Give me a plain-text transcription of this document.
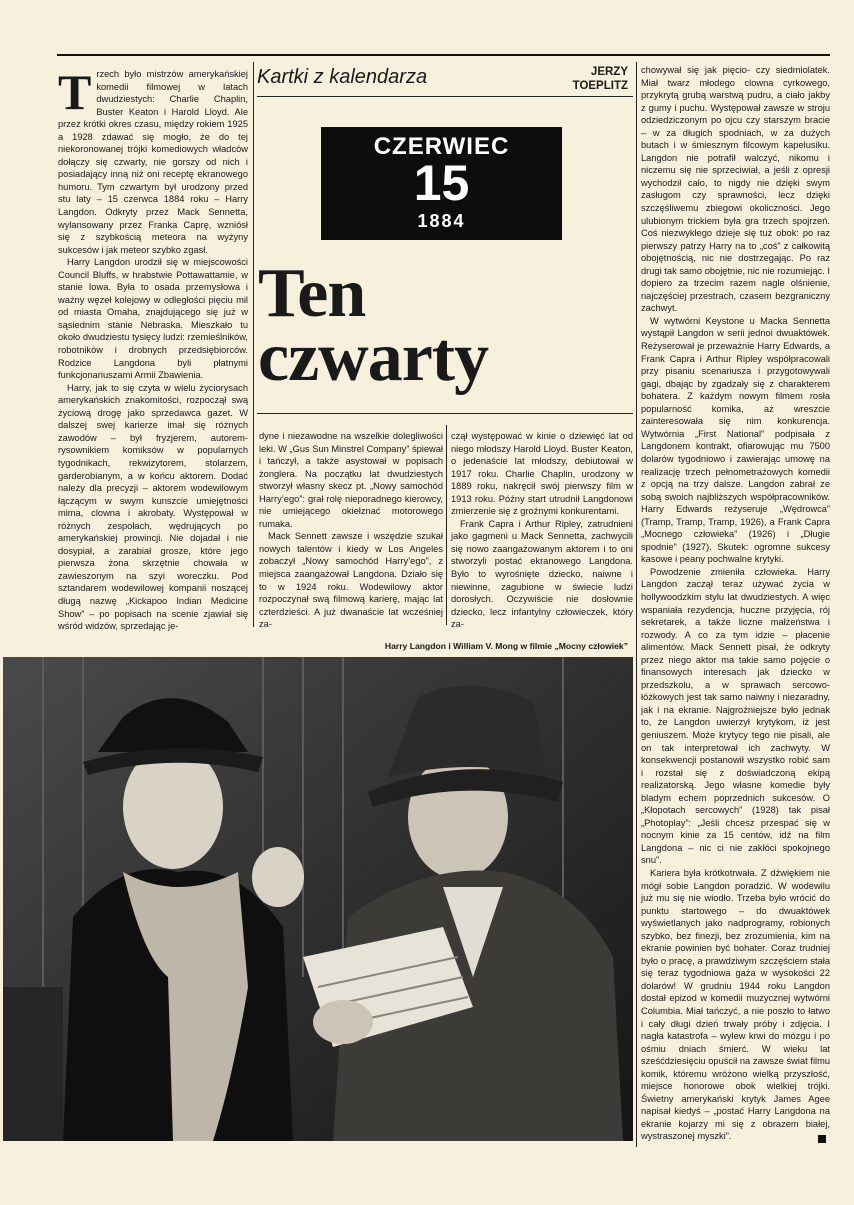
Trzech było mistrzów amerykańskiej komedii filmowej w latach dwudziestych: Charlie Chaplin, Buster Keaton i Harold Lloyd. Ale przez krótki okres czasu, między rokiem 1925 a 1928 zdawać się mogło, że do tej niekoronowanej trójki komediowych władców dołączy się czwarty, nie gorszy od nich i posiadający inną niż oni receptę ekranowego humoru. Tym czwartym był urodzony przed stu laty – 15 czerwca 1884 roku – Harry Langdon. Odkryty przez Mack Sennetta, wylansowany przez Franka Caprę, wzniósł się z szybkością meteora na wyżyny sukcesów i jak meteor szybko zgasł.

Harry Langdon urodził się w miejscowości Council Bluffs, w hrabstwie Pottawattamie, w stanie Iowa. Była to osada przemysłowa i ważny węzeł kolejowy w odległości pięciu mil od miasta Omaha, znajdującego się już w sąsiednim stanie Nebraska. Mieszkało tu około dwudziestu tysięcy ludzi: rzemieślników, robotników i drobnych przedsiębiorców. Rodzice Langdona byli płatnymi funkcjonariuszami Armii Zbawienia.

Harry, jak to się czyta w wielu życiorysach amerykańskich znakomitości, rozpoczął swą życiową drogę jako sprzedawca gazet. W dalszej swej karierze imał się różnych zawodów – był fryzjerem, autorem-rysownikiem komiksów w popularnych tygodnikach, rekwizytorem, stolarzem, garderobianym, a w końcu aktorem. Dodać należy dla precyzji – aktorem wodewilowym łączącym w swym kunszcie umiejętności mima, clowna i akrobaty. Występował w różnych zespołach, wędrujących po amerykańskiej prowincji. Nie dojadał i nie dosypiał, a zarabiał grosze, które jego pierwsza żona skrzętnie chowała w zawieszonym na szyi woreczku. Pod sztandarem wodewilowej kompanii noszącej długą nazwę „Kickapoo Indian Medicine Show” – po popisach na scenie zjawiał się wśród widzów, sprzedając je-

Kartki z kalendarza	JERZY
TOEPLITZ
CZERWIEC
15
1884
Ten
czwarty

dyne i niezawodne na wszelkie dolegliwości leki. W „Gus Sun Minstrel Company” śpiewał i tańczył, a także asystował w popisach żonglera. Na początku lat dwudziestych stworzył własny skecz pt. „Nowy samochód Harry’ego”: grał rolę nieporadnego kierowcy, nie umiejącego okiełznać motorowego rumaka.

Mack Sennett zawsze i wszędzie szukał nowych talentów i kiedy w Los Angeles zobaczył „Nowy samochód Harry’ego”, z miejsca zaangażował Langdona. Działo się to w 1924 roku. Wodewilowy aktor rozpoczynał swą filmową karierę, mając lat czterdzieści. A już dwanaście lat wcześniej za-

czął występować w kinie o dziewięć lat od niego młodszy Harold Lloyd. Buster Keaton, o jedenaście lat młodszy, debiutował w 1917 roku. Charlie Chaplin, urodzony w 1889 roku, nakręcił swój pierwszy film w 1913 roku. Późny start utrudnił Langdonowi zmierzenie się z groźnymi konkurentami.

Frank Capra i Arthur Ripley, zatrudnieni jako gagmeni u Mack Sennetta, zachwycili się nowo zaangażowanym aktorem i to oni stworzyli postać ekranowego Langdona. Było to wyrośnięte dziecko, naiwne i niewinne, zagubione w świecie ludzi dorosłych. Oczywiście nie dosłownie dziecko, lecz infantylny człowieczek, który za-

Harry Langdon i William V. Mong w filmie „Mocny człowiek”

chowywał się jak pięcio- czy siedmiolatek. Miał twarz młodego clowna cyrkowego, przykrytą grubą warstwą pudru, a ciało jakby z gumy i puchu. Występował zawsze w stroju odziedziczonym po ojcu czy starszym bracie – w za długich spodniach, w za dużych butach i w śmiesznym filcowym kapelusiku. Langdon nie potrafił walczyć, nikomu i niczemu się nie sprzeciwiał, a jeśli z opresji wychodził cało, to nigdy nie dzięki swym zasługom czy sprawności, lecz dzięki szczęśliwemu zbiegowi okoliczności. Jego ulubionym trickiem była gra trzech spojrzeń. Coś niezwykłego dzieje się tuż obok: po raz pierwszy patrzy Harry na to „coś” z całkowitą obojętnością, nic nie dostrzegając. Po raz drugi tak samo obojętnie, nic nie rozumiejąc. I dopiero za trzecim razem nagle olśnienie, najczęściej przestrach, czasem bezgraniczny zachwyt.

W wytwórni Keystone u Macka Sennetta wystąpił Langdon w serii jednoi dwuaktówek. Reżyserował je przeważnie Harry Edwards, a Frank Capra i Arthur Ripley współpracowali przy pisaniu scenariusza i przygotowywali gagi, dbając by zgadzały się z charakterem bohatera. Z każdym nowym filmem rosła popularność komika, aż wreszcie zainteresowała się nim konkurencja. Wytwórnia „First National” podpisała z Langdonem kontrakt, ofiarowując mu 7500 dolarów tygodniowo i zawierając umowę na realizację trzech pełnometrażowych komedii z opcją na trzy dalsze. Langdon zabrał ze sobą swoich najbliższych współpracowników. Harry Edwards reżyseruje „Wędrowca” (Tramp, Tramp, Tramp, 1926), a Frank Capra „Mocnego człowieka” (1926) i „Długie spodnie” (1927). Skutek: ogromne sukcesy kasowe i peany pochwalne krytyki.

Powodzenie zmieniła człowieka. Harry Langdon zaczął teraz używać życia w hollywoodzkim stylu lat dwudziestych. A więc wspaniała rezydencja, huczne przyjęcia, rój sekretarek, a także liczne małżeństwa i rozwody. A co za tym idzie – płacenie alimentów. Mack Sennett pisał, że odkryty przez niego aktor ma takie samo pojęcie o finansowych interesach jak dziecko w przedszkolu, a w sprawach sercowo-łóżkowych jest tak samo naiwny i niezaradny, jak i na ekranie. Najgroźniejsze było jednak to, że Langdon uwierzył krytykom, iż jest geniuszem. Może krytycy tego nie pisali, ale on tak interpretował ich zachwyty. W konsekwencji postanowił wszystko robić sam i rozstał się z doświadczoną ekipą realizatorską. Jego własne komedie były bladym echem poprzednich sukcesów. O „Kłopotach sercowych” (1928) tak pisał „Photoplay”: „Jeśli chcesz przespać się w nocnym kinie za 15 centów, idź na film Langdona – nic ci nie zakłóci spokojnego snu”.

Kariera była krótkotrwała. Z dźwiękiem nie mógł sobie Langdon poradzić. W wodewilu już mu się nie wiodło. Trzeba było wrócić do punktu startowego – do dwuaktówek wyświetlanych jako nadprogramy, robionych szybko, bez finezji, bez zrozumienia, kim na ekranie powinien być bohater. Coraz trudniej było o pracę, a prawdziwym szczęściem stała się teraz tygodniowa gaża w wysokości 22 dolarów! W grudniu 1944 roku Langdon dostał epizod w komedii muzycznej wytwórni Columbia. Miał tańczyć, a nie poszło to łatwo i cały długi dzień trwały próby i zdjęcia. I nagła katastrofa – wylew krwi do mózgu i po ośmiu dniach śmierć. W wieku lat sześćdziesięciu opuścił na zawsze świat filmu komik, któremu wróżono wielką przyszłość, miejsce honorowe obok wielkiej trójki. Świetny amerykański krytyk James Agee napisał kiedyś – „postać Harry Langdona na ekranie kojarzy mi się z obrazem białej, wystraszonej myszki”.
